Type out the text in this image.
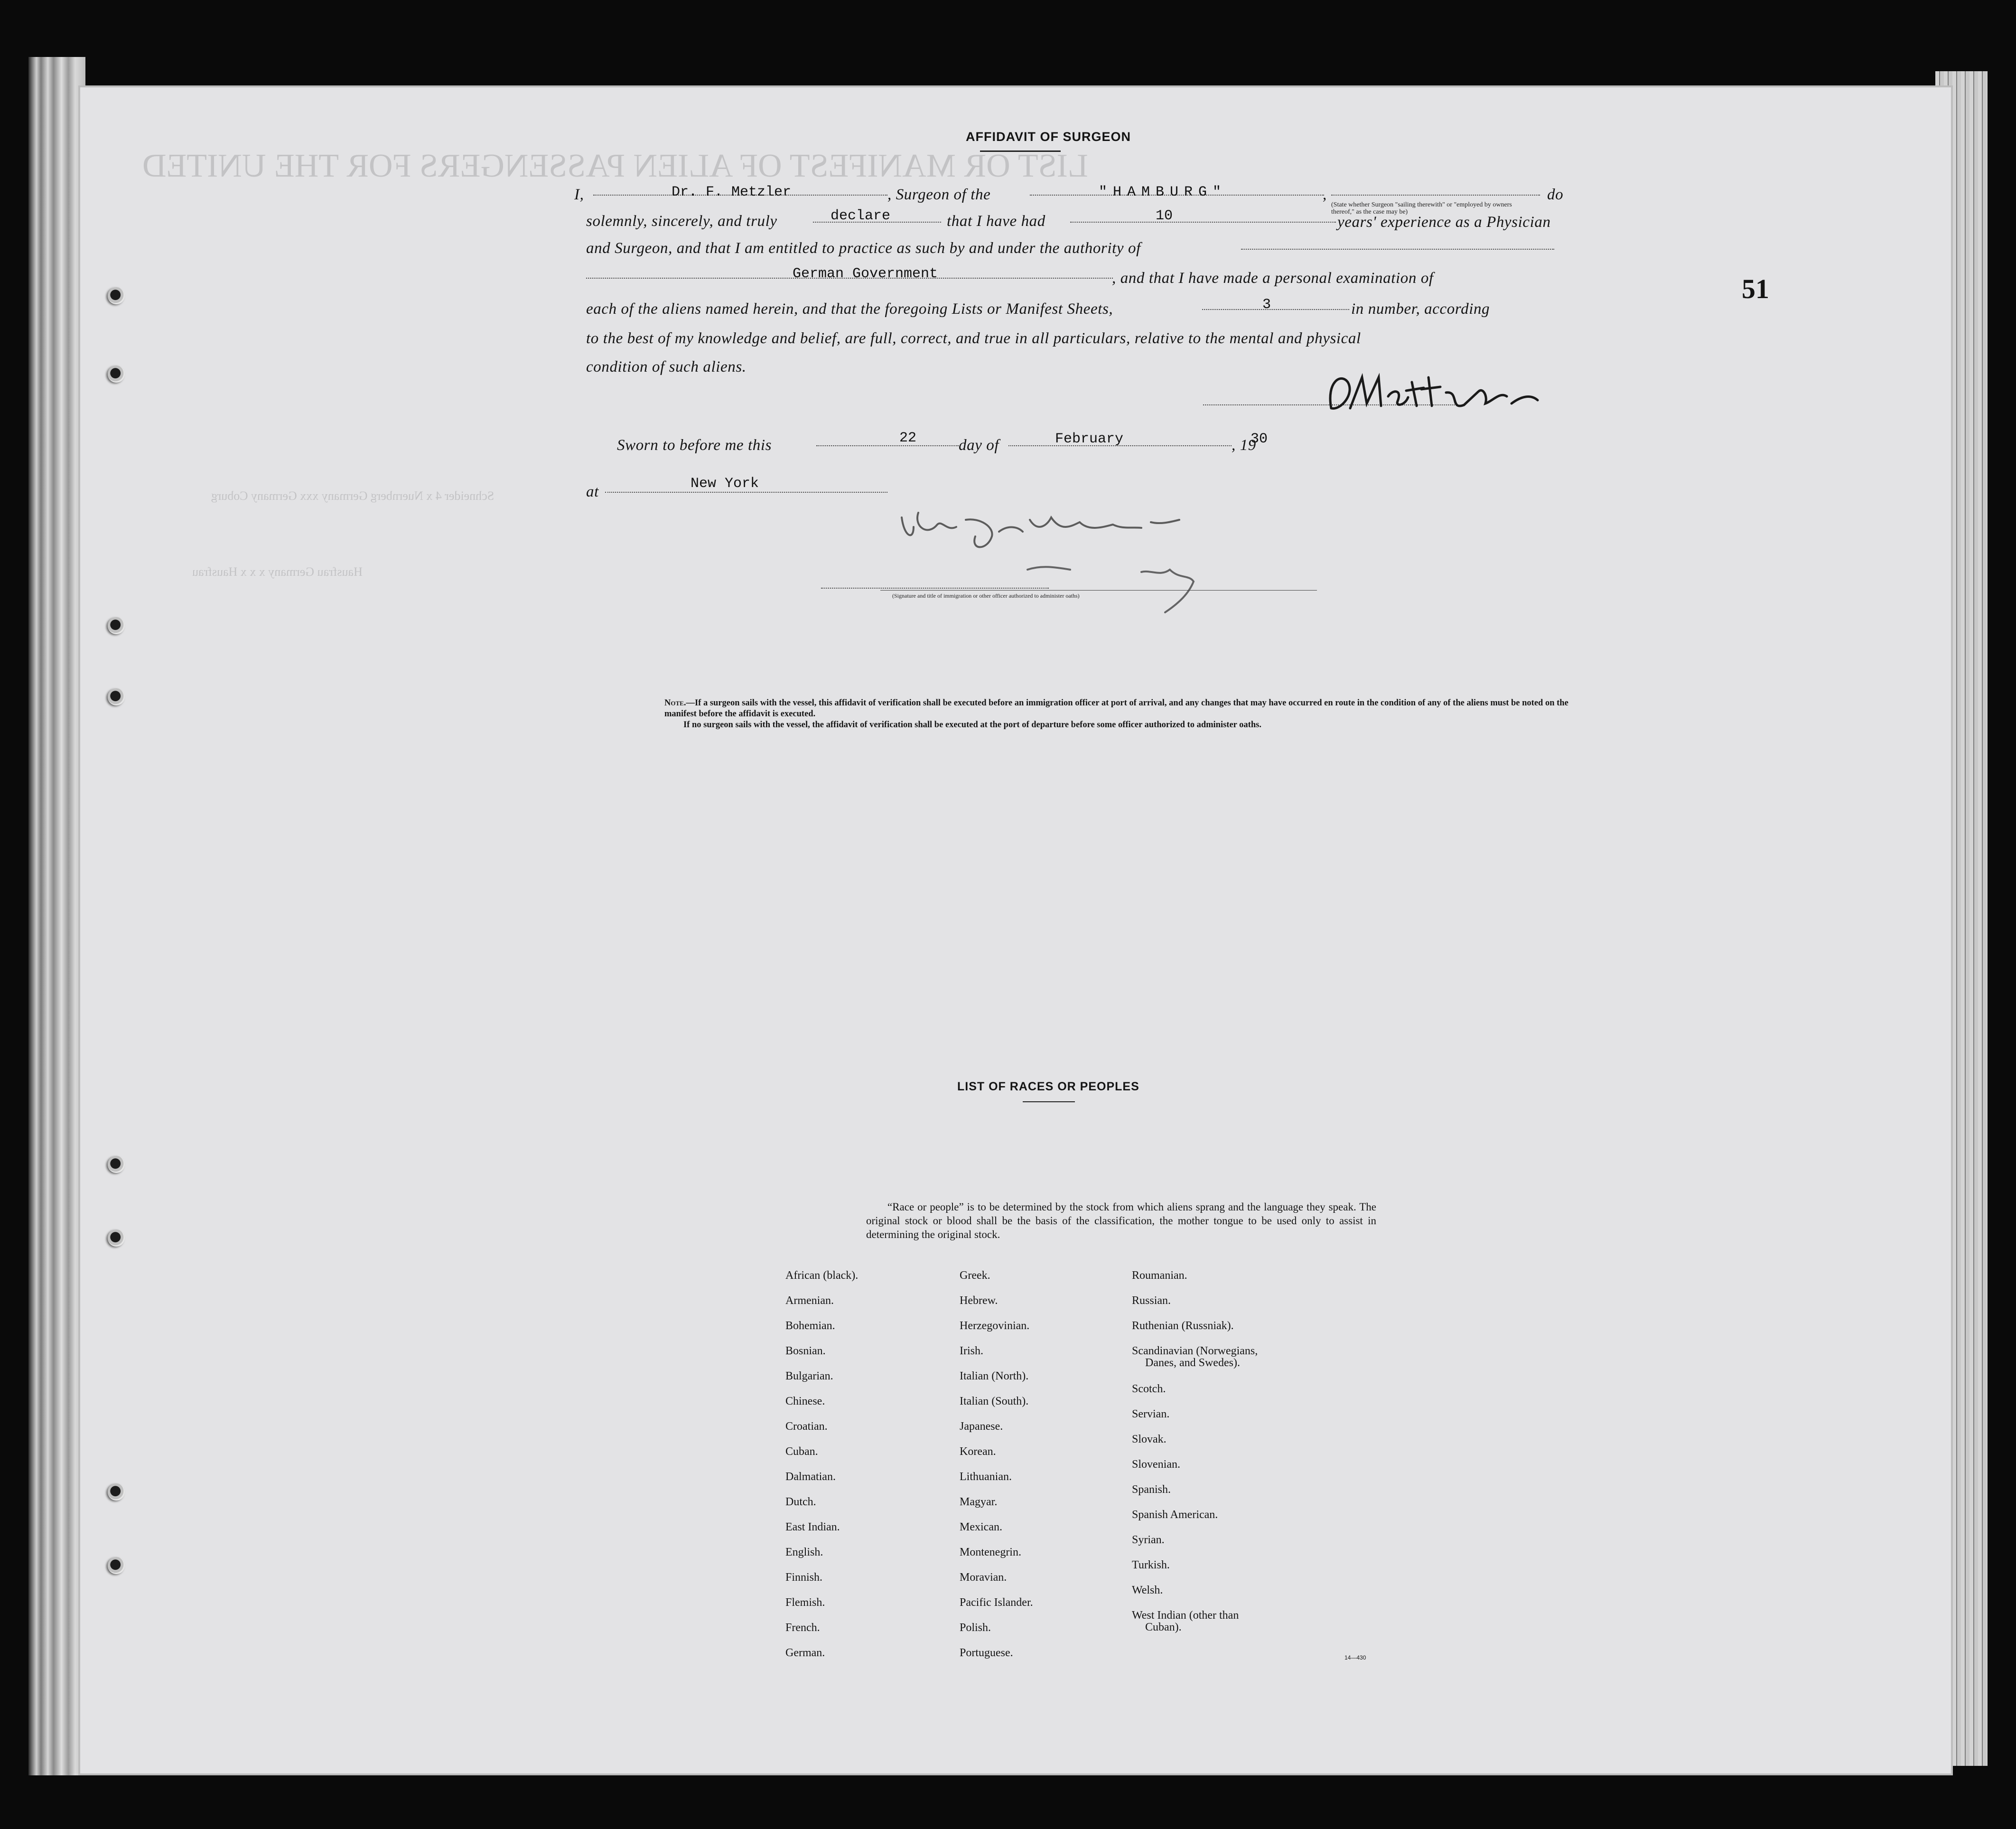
LIST OR MANIFEST OF ALIEN PASSENGERS FOR THE UNITED
Schneider 4 x Nuernberg Germany xxx Germany Coburg
Hausfrau Germany x x x Hausfrau
51
AFFIDAVIT OF SURGEON
I,	Dr. F. Metzler	, Surgeon of the	"HAMBURG"	,
(State whether Surgeon "sailing therewith" or "employed by owners thereof," as the case may be)
do
solemnly, sincerely, and truly	declare	that I have had	10	years' experience as a Physician
and Surgeon, and that I am entitled to practice as such by and under the authority of
German Government	, and that I have made a personal examination of
each of the aliens named herein, and that the foregoing Lists or Manifest Sheets,	3	in number, according
to the best of my knowledge and belief, are full, correct, and true in all particulars, relative to the mental and physical
condition of such aliens.
Sworn to before me this	22	day of	February	, 19
30
at	New York
(Signature and title of immigration or other officer authorized to administer oaths)
Note.—If a surgeon sails with the vessel, this affidavit of verification shall be executed before an immigration officer at port of arrival, and any changes that may have occurred en route in the condition of any of the aliens must be noted on the manifest before the affidavit is executed.
If no surgeon sails with the vessel, the affidavit of verification shall be executed at the port of departure before some officer authorized to administer oaths.
LIST OF RACES OR PEOPLES
“Race or people” is to be determined by the stock from which aliens sprang and the language they speak. The original stock or blood shall be the basis of the classification, the mother tongue to be used only to assist in determining the original stock.
African (black).
Armenian.
Bohemian.
Bosnian.
Bulgarian.
Chinese.
Croatian.
Cuban.
Dalmatian.
Dutch.
East Indian.
English.
Finnish.
Flemish.
French.
German.
Greek.
Hebrew.
Herzegovinian.
Irish.
Italian (North).
Italian (South).
Japanese.
Korean.
Lithuanian.
Magyar.
Mexican.
Montenegrin.
Moravian.
Pacific Islander.
Polish.
Portuguese.
Roumanian.
Russian.
Ruthenian (Russniak).
Scandinavian (Norwegians,
Danes, and Swedes).
Scotch.
Servian.
Slovak.
Slovenian.
Spanish.
Spanish American.
Syrian.
Turkish.
Welsh.
West Indian (other than
Cuban).
14—430
